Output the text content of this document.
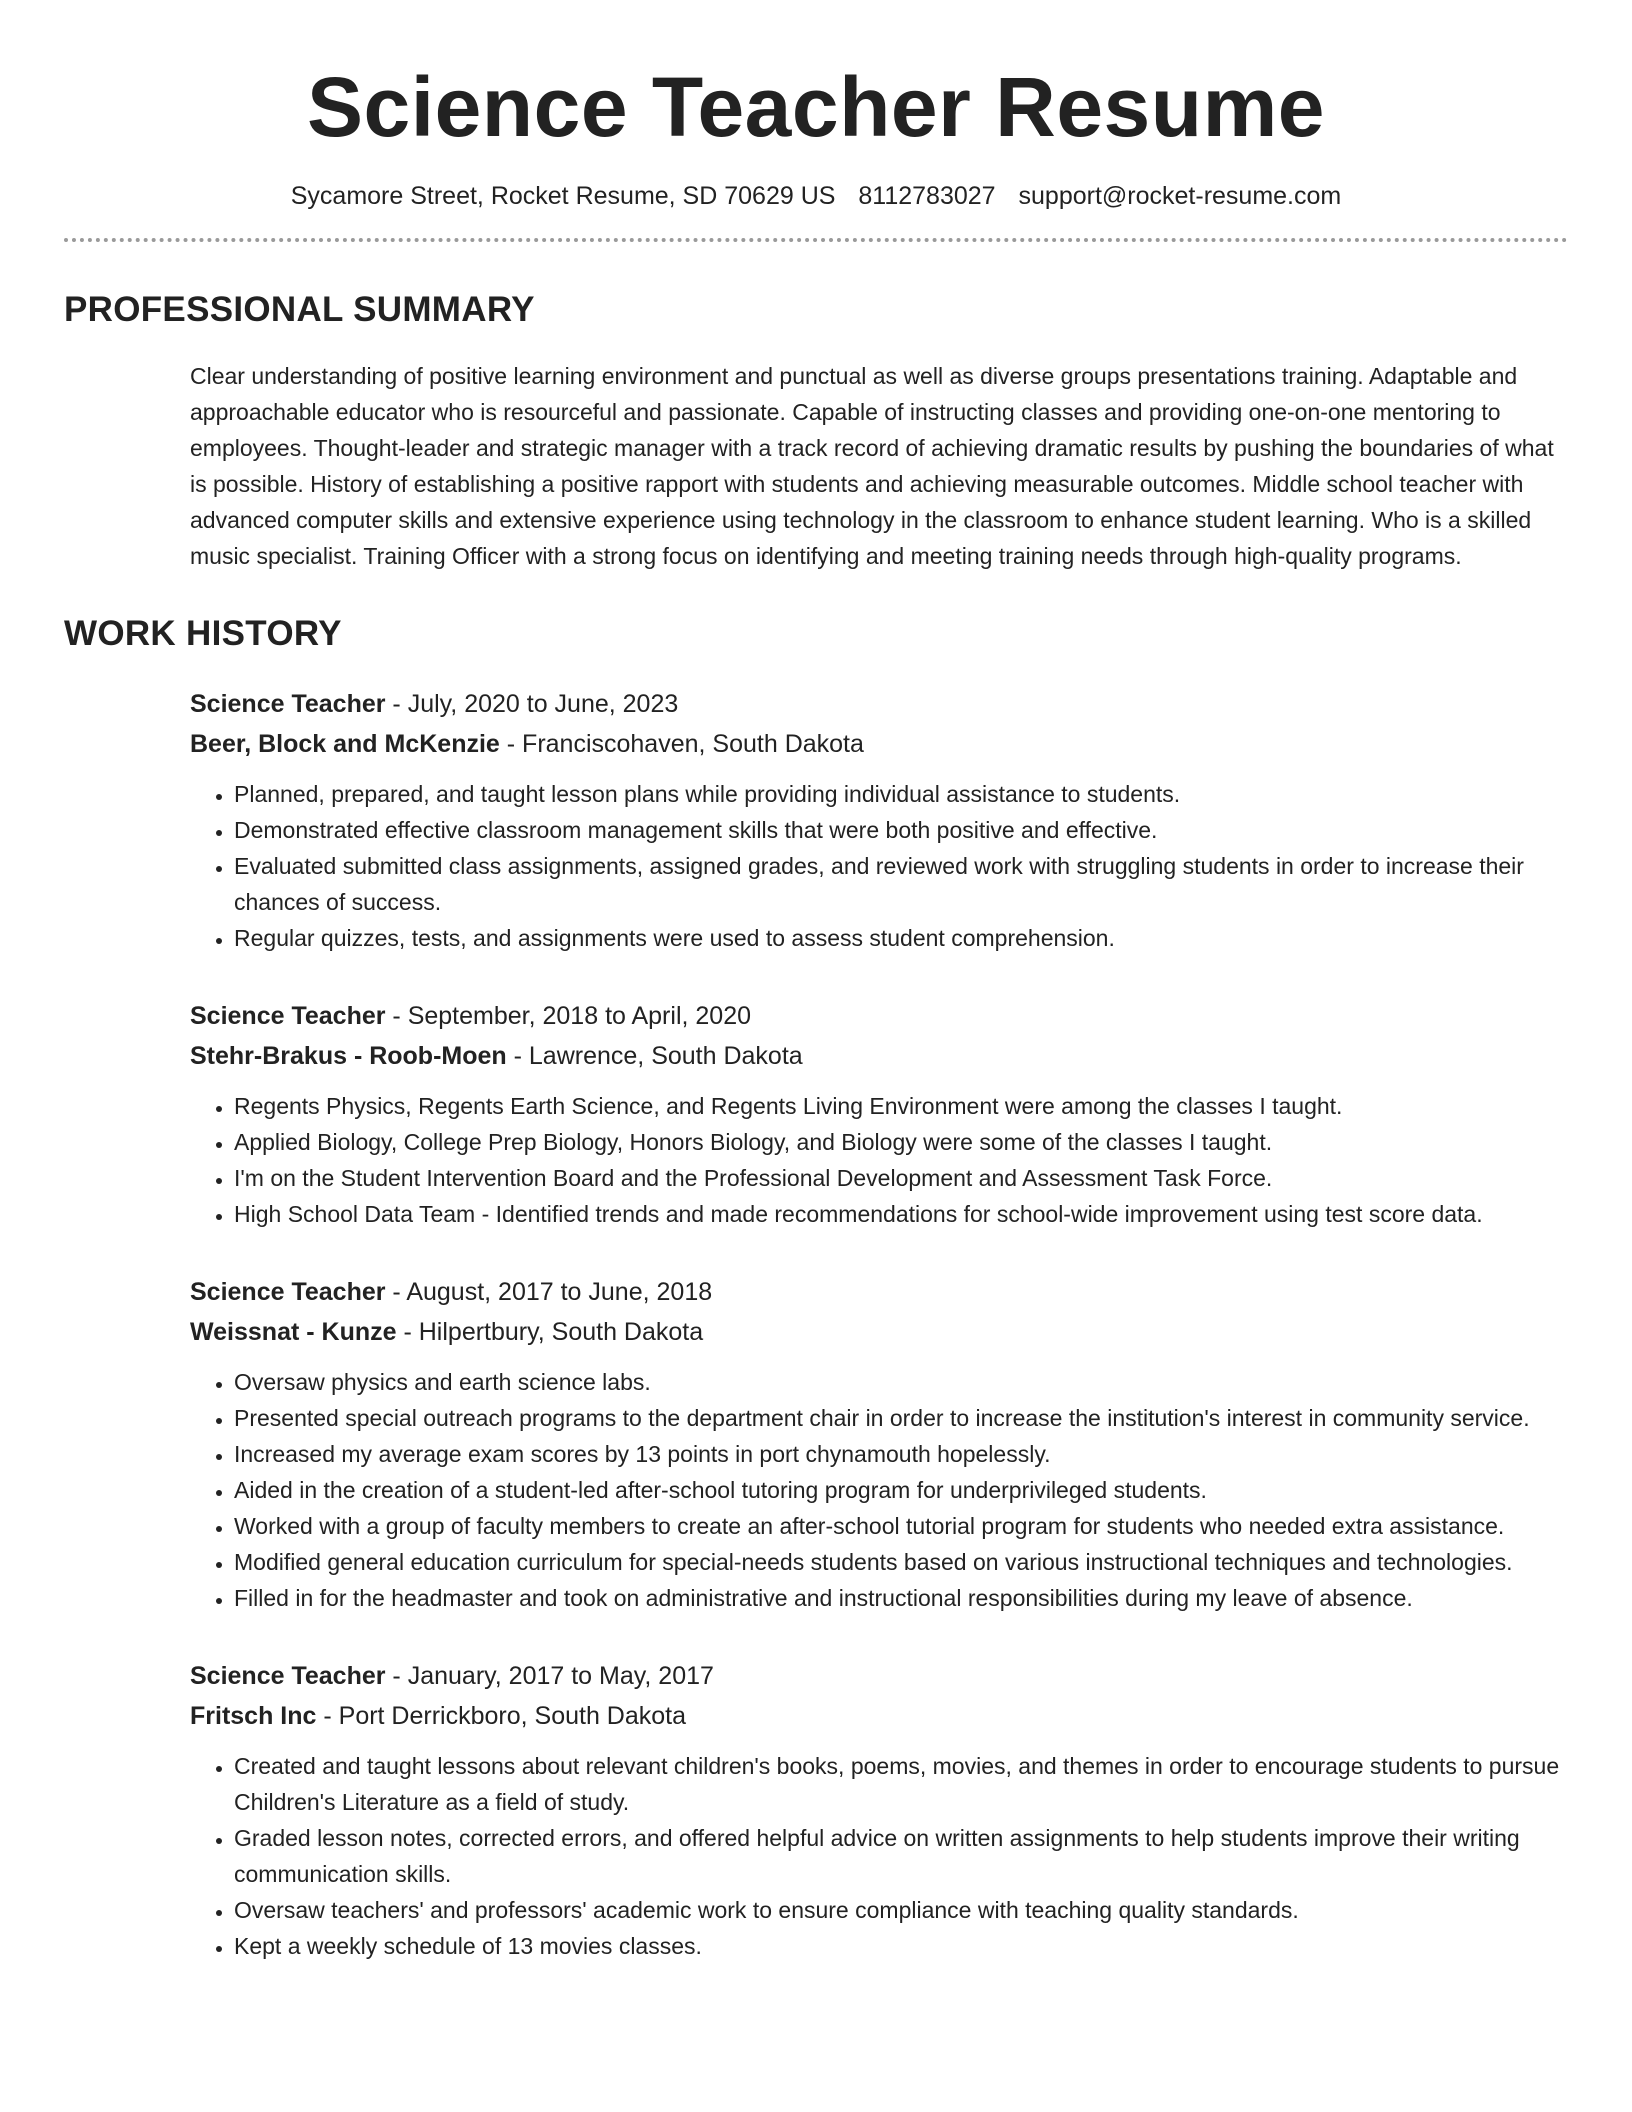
Science Teacher Resume
Sycamore Street, Rocket Resume, SD 70629 US 8112783027 support@rocket-resume.com
PROFESSIONAL SUMMARY

Clear understanding of positive learning environment and punctual as well as diverse groups presentations training. Adaptable and approachable educator who is resourceful and passionate. Capable of instructing classes and providing one-on-one mentoring to employees. Thought-leader and strategic manager with a track record of achieving dramatic results by pushing the boundaries of what is possible. History of establishing a positive rapport with students and achieving measurable outcomes. Middle school teacher with advanced computer skills and extensive experience using technology in the classroom to enhance student learning. Who is a skilled music specialist. Training Officer with a strong focus on identifying and meeting training needs through high-quality programs.

WORK HISTORY
Science Teacher - July, 2020 to June, 2023
Beer, Block and McKenzie - Franciscohaven, South Dakota
• Planned, prepared, and taught lesson plans while providing individual assistance to students.
• Demonstrated effective classroom management skills that were both positive and effective.
• Evaluated submitted class assignments, assigned grades, and reviewed work with struggling students in order to increase their chances of success.
• Regular quizzes, tests, and assignments were used to assess student comprehension.
Science Teacher - September, 2018 to April, 2020
Stehr-Brakus - Roob-Moen - Lawrence, South Dakota
• Regents Physics, Regents Earth Science, and Regents Living Environment were among the classes I taught.
• Applied Biology, College Prep Biology, Honors Biology, and Biology were some of the classes I taught.
• I'm on the Student Intervention Board and the Professional Development and Assessment Task Force.
• High School Data Team - Identified trends and made recommendations for school-wide improvement using test score data.
Science Teacher - August, 2017 to June, 2018
Weissnat - Kunze - Hilpertbury, South Dakota
• Oversaw physics and earth science labs.
• Presented special outreach programs to the department chair in order to increase the institution's interest in community service.
• Increased my average exam scores by 13 points in port chynamouth hopelessly.
• Aided in the creation of a student-led after-school tutoring program for underprivileged students.
• Worked with a group of faculty members to create an after-school tutorial program for students who needed extra assistance.
• Modified general education curriculum for special-needs students based on various instructional techniques and technologies.
• Filled in for the headmaster and took on administrative and instructional responsibilities during my leave of absence.
Science Teacher - January, 2017 to May, 2017
Fritsch Inc - Port Derrickboro, South Dakota
• Created and taught lessons about relevant children's books, poems, movies, and themes in order to encourage students to pursue Children's Literature as a field of study.
• Graded lesson notes, corrected errors, and offered helpful advice on written assignments to help students improve their writing communication skills.
• Oversaw teachers' and professors' academic work to ensure compliance with teaching quality standards.
• Kept a weekly schedule of 13 movies classes.
